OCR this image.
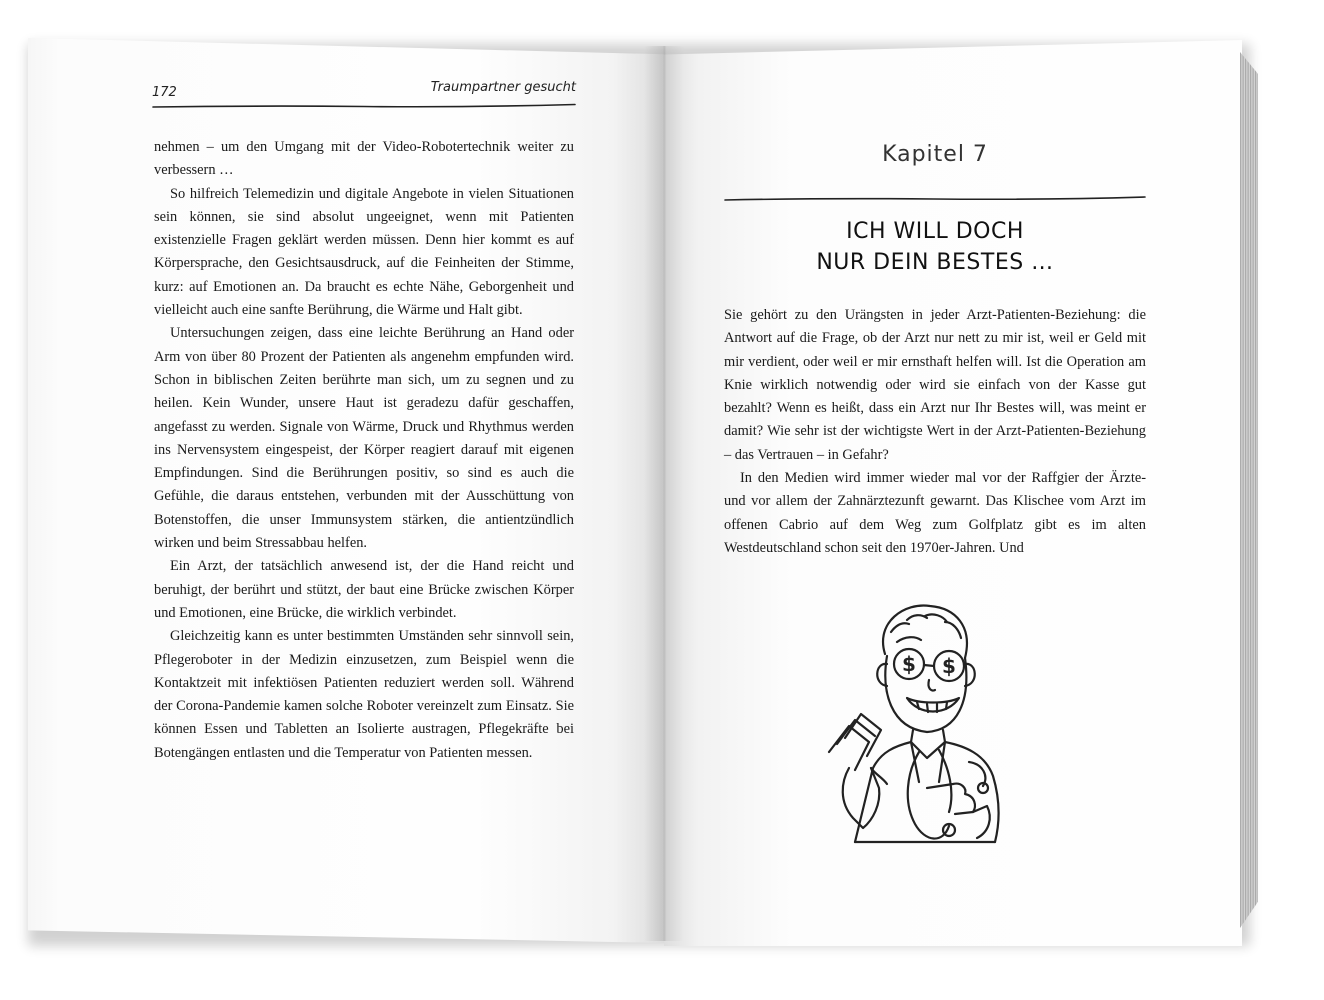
172	Traumpartner gesucht

nehmen – um den Umgang mit der Video-Robotertechnik weiter zu verbessern …

So hilfreich Telemedizin und digitale Angebote in vielen Situationen sein können, sie sind absolut ungeeignet, wenn mit Patienten existenzielle Fragen geklärt werden müssen. Denn hier kommt es auf Körpersprache, den Gesichtsausdruck, auf die Feinheiten der Stimme, kurz: auf Emotionen an. Da braucht es echte Nähe, Geborgenheit und vielleicht auch eine sanfte Berührung, die Wärme und Halt gibt.

Untersuchungen zeigen, dass eine leichte Berührung an Hand oder Arm von über 80 Prozent der Patienten als angenehm empfunden wird. Schon in biblischen Zeiten berührte man sich, um zu segnen und zu heilen. Kein Wunder, unsere Haut ist geradezu dafür geschaffen, angefasst zu werden. Signale von Wärme, Druck und Rhythmus werden ins Nervensystem eingespeist, der Körper reagiert darauf mit eigenen Empfindungen. Sind die Berührungen positiv, so sind es auch die Gefühle, die daraus entstehen, verbunden mit der Ausschüttung von Botenstoffen, die unser Immunsystem stärken, die antientzündlich wirken und beim Stressabbau helfen.

Ein Arzt, der tatsächlich anwesend ist, der die Hand reicht und beruhigt, der berührt und stützt, der baut eine Brücke zwischen Körper und Emotionen, eine Brücke, die wirklich verbindet.

Gleichzeitig kann es unter bestimmten Umständen sehr sinnvoll sein, Pflegeroboter in der Medizin einzusetzen, zum Beispiel wenn die Kontaktzeit mit infektiösen Patienten reduziert werden soll. Während der Corona-Pandemie kamen solche Roboter vereinzelt zum Einsatz. Sie können Essen und Tabletten an Isolierte austragen, Pflegekräfte bei Botengängen entlasten und die Temperatur von Patienten messen.

Kapitel 7
ICH WILL DOCH
NUR DEIN BESTES …

Sie gehört zu den Urängsten in jeder Arzt-Patienten-Beziehung: die Antwort auf die Frage, ob der Arzt nur nett zu mir ist, weil er Geld mit mir verdient, oder weil er mir ernsthaft helfen will. Ist die Operation am Knie wirklich notwendig oder wird sie einfach von der Kasse gut bezahlt? Wenn es heißt, dass ein Arzt nur Ihr Bestes will, was meint er damit? Wie sehr ist der wichtigste Wert in der Arzt-Patienten-Beziehung – das Vertrauen – in Gefahr?

In den Medien wird immer wieder mal vor der Raffgier der Ärzte- und vor allem der Zahnärztezunft gewarnt. Das Klischee vom Arzt im offenen Cabrio auf dem Weg zum Golfplatz gibt es im alten Westdeutschland schon seit den 1970er-Jahren. Und

$ $
